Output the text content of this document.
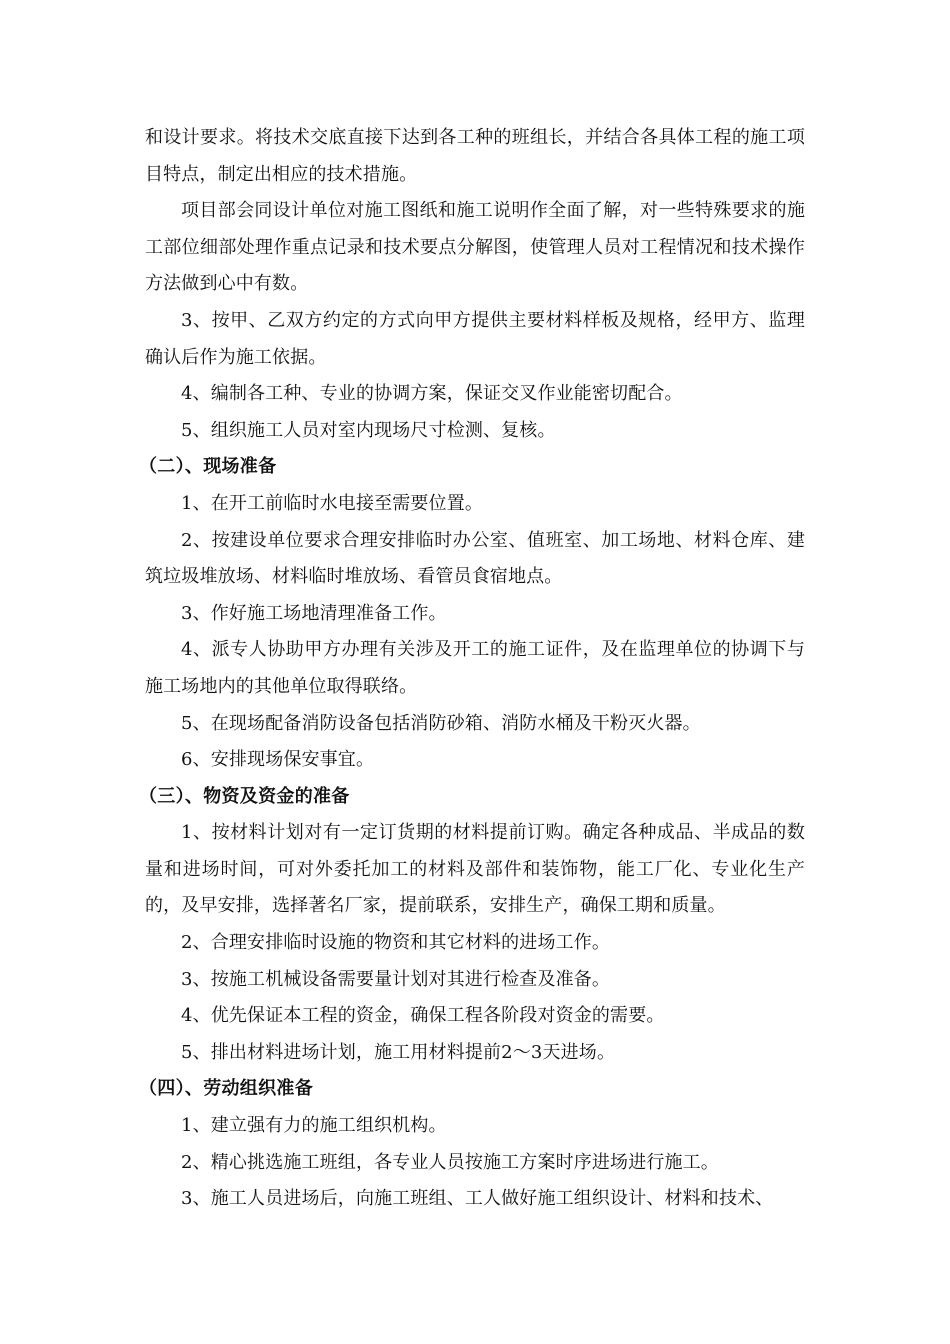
和设计要求。将技术交底直接下达到各工种的班组长，并结合各具体工程的施工项目特点，制定出相应的技术措施。

项目部会同设计单位对施工图纸和施工说明作全面了解，对一些特殊要求的施工部位细部处理作重点记录和技术要点分解图，使管理人员对工程情况和技术操作方法做到心中有数。

3、按甲、乙双方约定的方式向甲方提供主要材料样板及规格，经甲方、监理确认后作为施工依据。

4、编制各工种、专业的协调方案，保证交叉作业能密切配合。

5、组织施工人员对室内现场尺寸检测、复核。

（二）、现场准备

1、在开工前临时水电接至需要位置。

2、按建设单位要求合理安排临时办公室、值班室、加工场地、材料仓库、建筑垃圾堆放场、材料临时堆放场、看管员食宿地点。

3、作好施工场地清理准备工作。

4、派专人协助甲方办理有关涉及开工的施工证件，及在监理单位的协调下与施工场地内的其他单位取得联络。

5、在现场配备消防设备包括消防砂箱、消防水桶及干粉灭火器。

6、安排现场保安事宜。

（三）、物资及资金的准备

1、按材料计划对有一定订货期的材料提前订购。确定各种成品、半成品的数量和进场时间，可对外委托加工的材料及部件和装饰物，能工厂化、专业化生产的，及早安排，选择著名厂家，提前联系，安排生产，确保工期和质量。

2、合理安排临时设施的物资和其它材料的进场工作。

3、按施工机械设备需要量计划对其进行检查及准备。

4、优先保证本工程的资金，确保工程各阶段对资金的需要。

5、排出材料进场计划，施工用材料提前2～3天进场。

（四）、劳动组织准备

1、建立强有力的施工组织机构。

2、精心挑选施工班组，各专业人员按施工方案时序进场进行施工。

3、施工人员进场后，向施工班组、工人做好施工组织设计、材料和技术、
